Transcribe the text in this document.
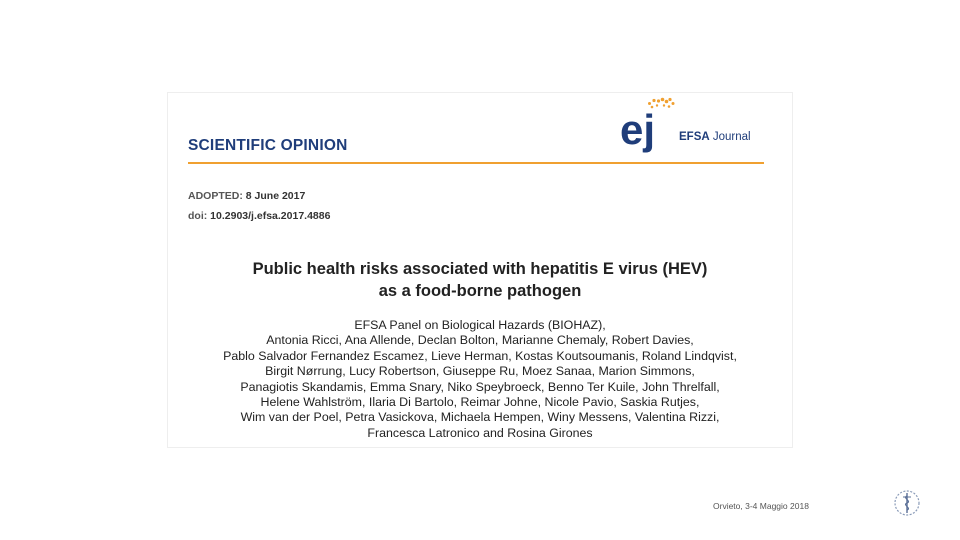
SCIENTIFIC OPINION	ej EFSA Journal
ADOPTED: 8 June 2017
doi: 10.2903/j.efsa.2017.4886
Public health risks associated with hepatitis E virus (HEV)
as a food-borne pathogen
EFSA Panel on Biological Hazards (BIOHAZ),
Antonia Ricci, Ana Allende, Declan Bolton, Marianne Chemaly, Robert Davies,
Pablo Salvador Fernandez Escamez, Lieve Herman, Kostas Koutsoumanis, Roland Lindqvist,
Birgit Nørrung, Lucy Robertson, Giuseppe Ru, Moez Sanaa, Marion Simmons,
Panagiotis Skandamis, Emma Snary, Niko Speybroeck, Benno Ter Kuile, John Threlfall,
Helene Wahlström, Ilaria Di Bartolo, Reimar Johne, Nicole Pavio, Saskia Rutjes,
Wim van der Poel, Petra Vasickova, Michaela Hempen, Winy Messens, Valentina Rizzi,
Francesca Latronico and Rosina Girones
Orvieto, 3-4 Maggio 2018
